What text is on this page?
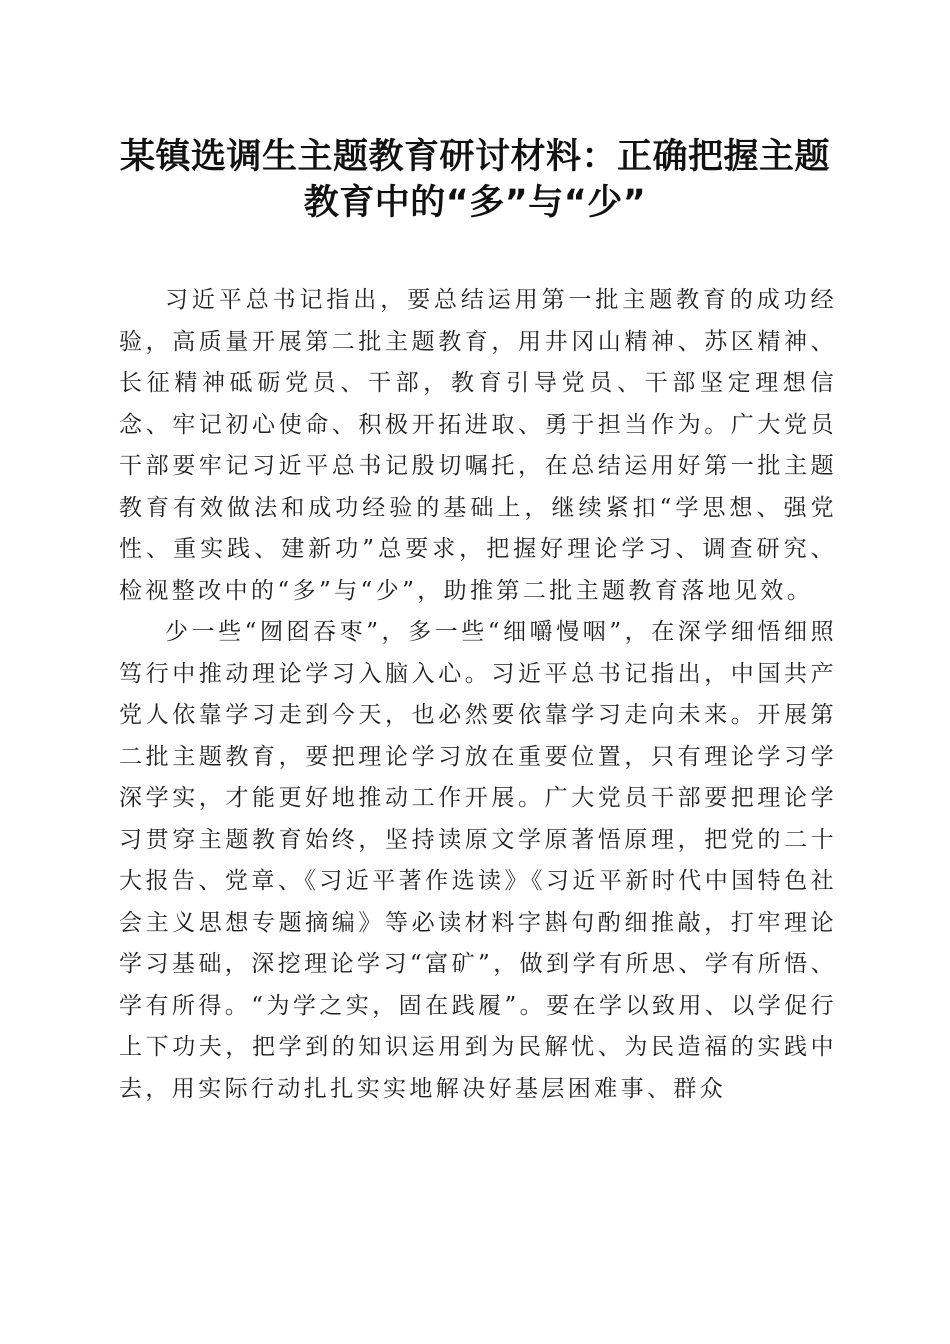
某镇选调生主题教育研讨材料：正确把握主题
教育中的“多”与“少”

习近平总书记指出，要总结运用第一批主题教育的成功经验，高质量开展第二批主题教育，用井冈山精神、苏区精神、长征精神砥砺党员、干部，教育引导党员、干部坚定理想信念、牢记初心使命、积极开拓进取、勇于担当作为。广大党员干部要牢记习近平总书记殷切嘱托，在总结运用好第一批主题教育有效做法和成功经验的基础上，继续紧扣“学思想、强党性、重实践、建新功”总要求，把握好理论学习、调查研究、检视整改中的“多”与“少”，助推第二批主题教育落地见效。

少一些“囫囵吞枣”，多一些“细嚼慢咽”，在深学细悟细照笃行中推动理论学习入脑入心。习近平总书记指出，中国共产党人依靠学习走到今天，也必然要依靠学习走向未来。开展第二批主题教育，要把理论学习放在重要位置，只有理论学习学深学实，才能更好地推动工作开展。广大党员干部要把理论学习贯穿主题教育始终，坚持读原文学原著悟原理，把党的二十大报告、党章、《习近平著作选读》《习近平新时代中国特色社会主义思想专题摘编》等必读材料字斟句酌细推敲，打牢理论学习基础，深挖理论学习“富矿”，做到学有所思、学有所悟、学有所得。“为学之实，固在践履”。要在学以致用、以学促行上下功夫，把学到的知识运用到为民解忧、为民造福的实践中去，用实际行动扎扎实实地解决好基层困难事、群众
